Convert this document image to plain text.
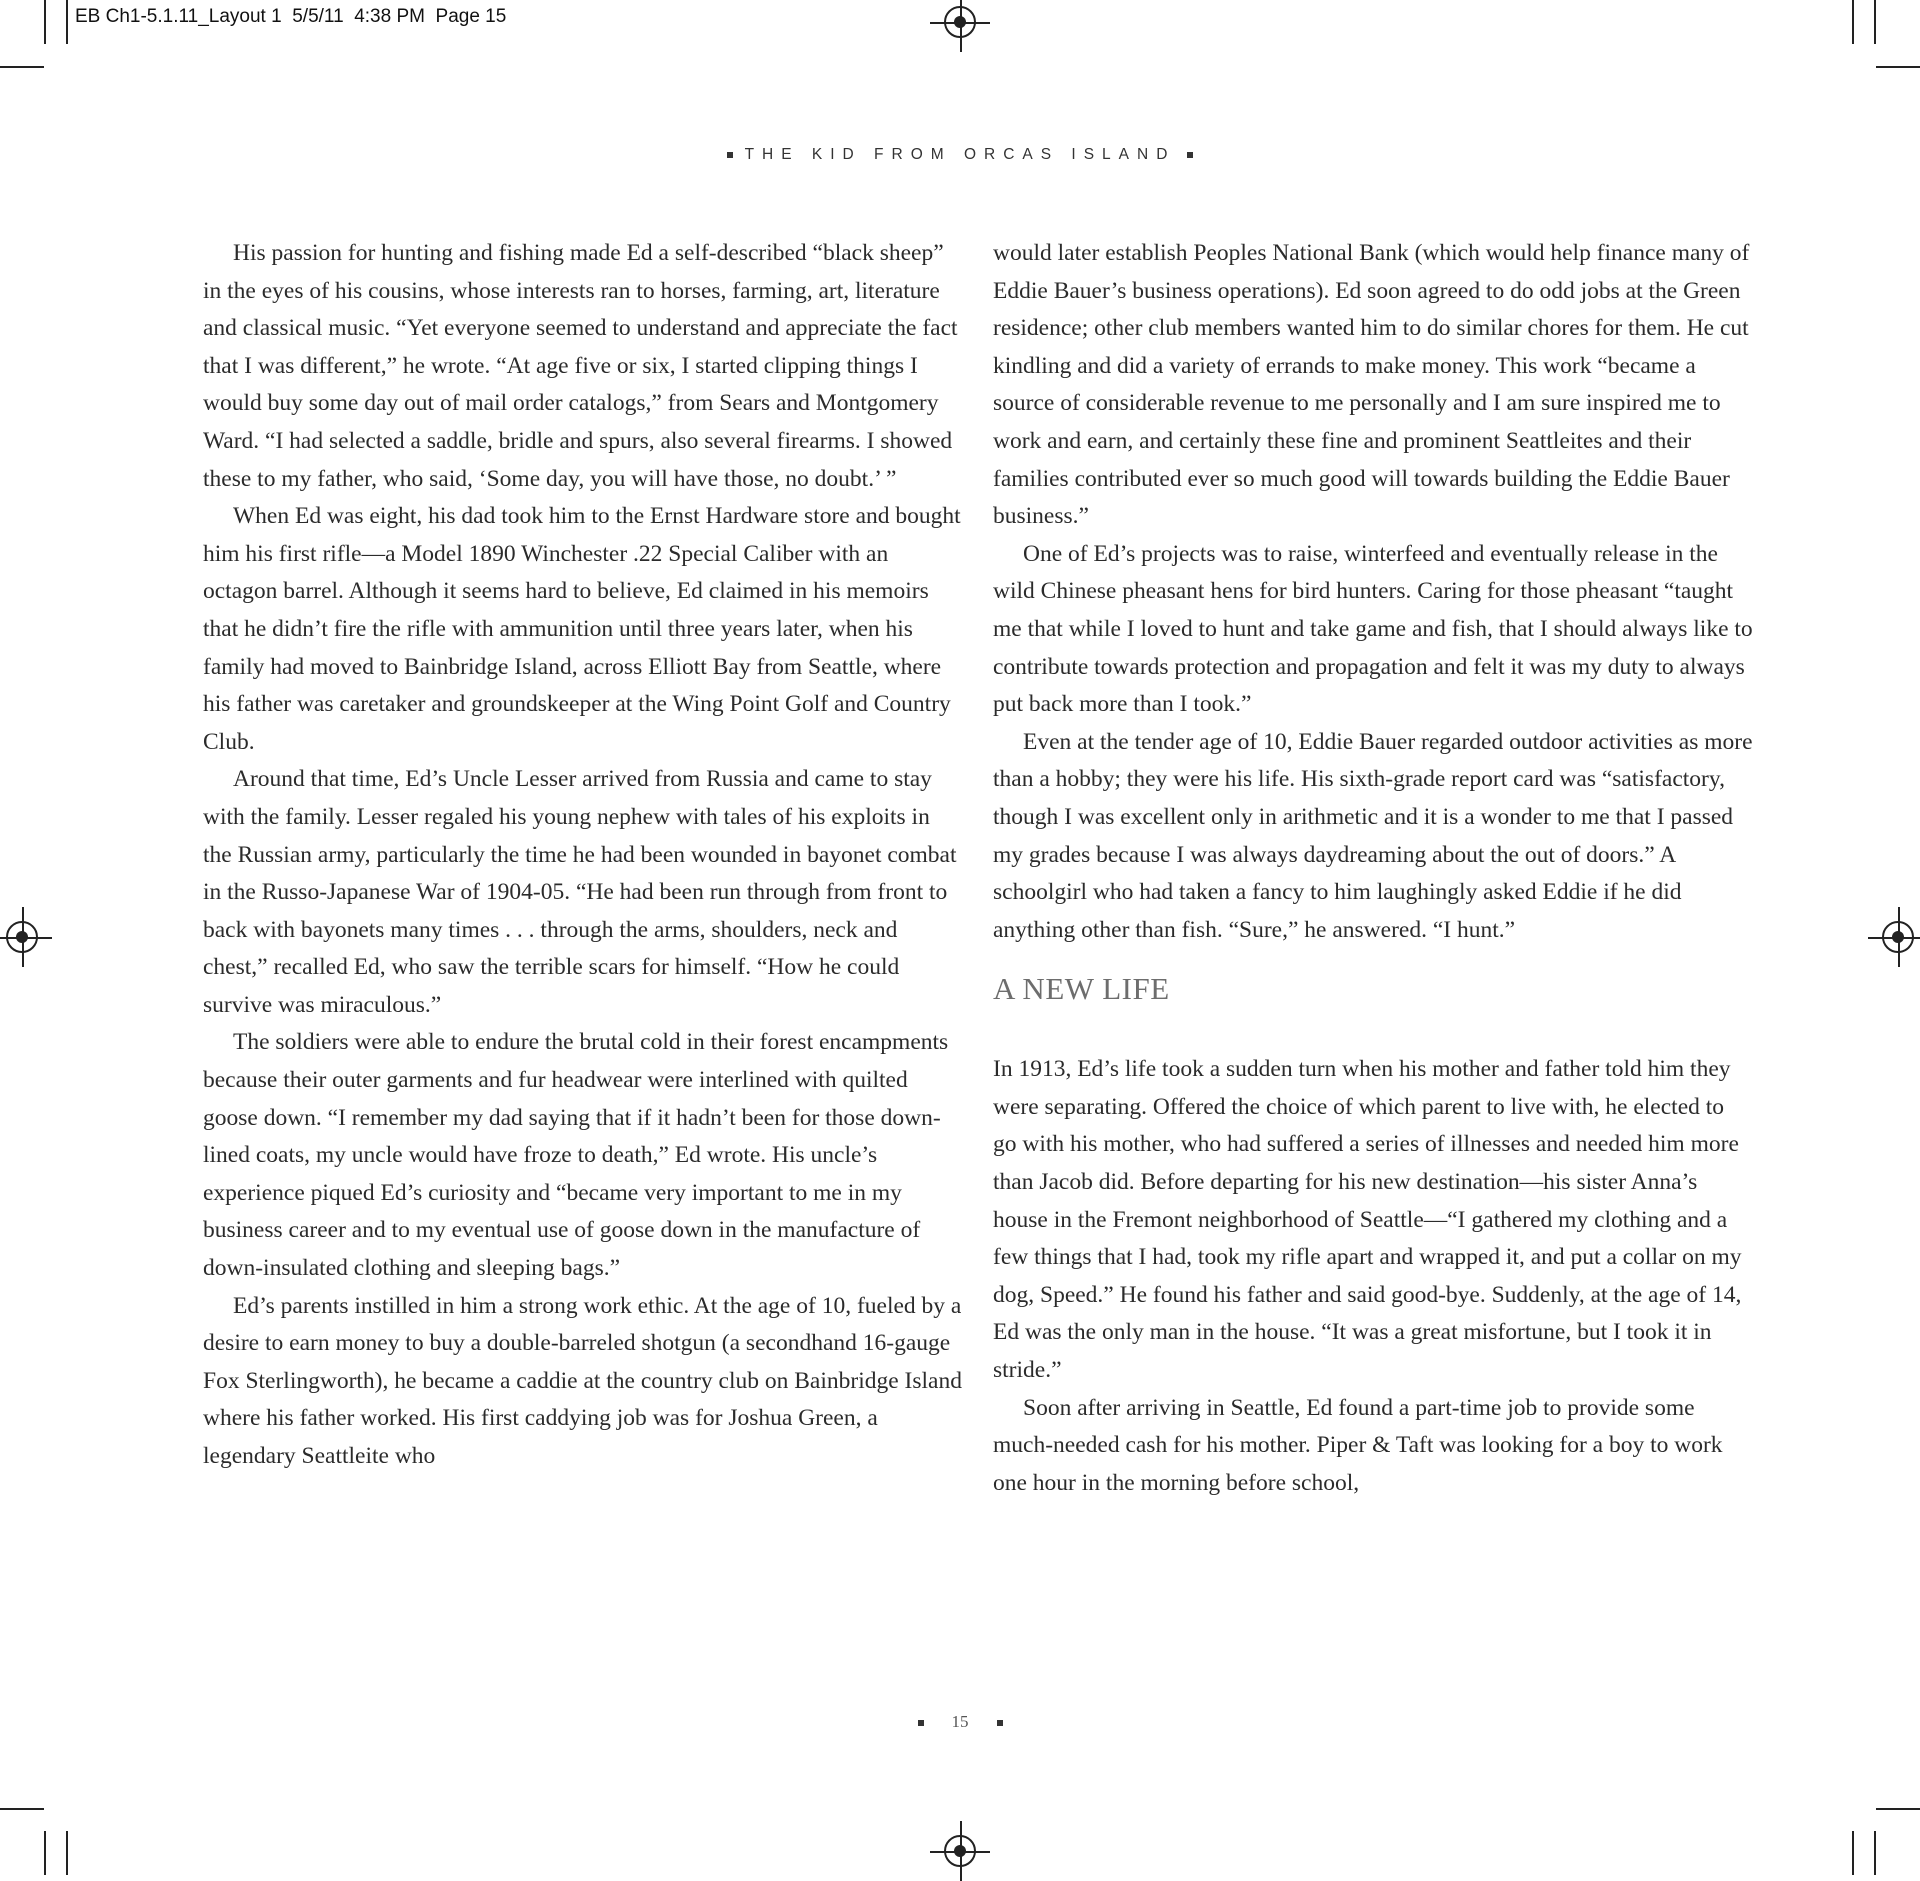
EB Ch1-5.1.11_Layout 1  5/5/11  4:38 PM  Page 15
THE KID FROM ORCAS ISLAND

His passion for hunting and fishing made Ed a self-described “black sheep” in the eyes of his cousins, whose interests ran to horses, farming, art, literature and classical music. “Yet everyone seemed to understand and appreciate the fact that I was different,” he wrote. “At age five or six, I started clipping things I would buy some day out of mail order catalogs,” from Sears and Montgomery Ward. “I had selected a saddle, bridle and spurs, also several firearms. I showed these to my father, who said, ‘Some day, you will have those, no doubt.’ ”

When Ed was eight, his dad took him to the Ernst Hardware store and bought him his first rifle—a Model 1890 Winchester .22 Special Caliber with an octagon barrel. Although it seems hard to believe, Ed claimed in his memoirs that he didn’t fire the rifle with ammunition until three years later, when his family had moved to Bainbridge Island, across Elliott Bay from Seattle, where his father was caretaker and groundskeeper at the Wing Point Golf and Country Club.

Around that time, Ed’s Uncle Lesser arrived from Russia and came to stay with the family. Lesser regaled his young nephew with tales of his exploits in the Russian army, particularly the time he had been wounded in bayonet combat in the Russo-Japanese War of 1904-05. “He had been run through from front to back with bayonets many times . . . through the arms, shoulders, neck and chest,” recalled Ed, who saw the terrible scars for himself. “How he could survive was miraculous.”

The soldiers were able to endure the brutal cold in their forest encampments because their outer garments and fur headwear were interlined with quilted goose down. “I remember my dad saying that if it hadn’t been for those down-lined coats, my uncle would have froze to death,” Ed wrote. His uncle’s experience piqued Ed’s curiosity and “became very important to me in my business career and to my eventual use of goose down in the manufacture of down-insulated clothing and sleeping bags.”

Ed’s parents instilled in him a strong work ethic. At the age of 10, fueled by a desire to earn money to buy a double-barreled shotgun (a secondhand 16-gauge Fox Sterlingworth), he became a caddie at the country club on Bainbridge Island where his father worked. His first caddying job was for Joshua Green, a legendary Seattleite who

would later establish Peoples National Bank (which would help finance many of Eddie Bauer’s business operations). Ed soon agreed to do odd jobs at the Green residence; other club members wanted him to do similar chores for them. He cut kindling and did a variety of errands to make money. This work “became a source of considerable revenue to me personally and I am sure inspired me to work and earn, and certainly these fine and prominent Seattleites and their families contributed ever so much good will towards building the Eddie Bauer business.”

One of Ed’s projects was to raise, winterfeed and eventually release in the wild Chinese pheasant hens for bird hunters. Caring for those pheasant “taught me that while I loved to hunt and take game and fish, that I should always like to contribute towards protection and propagation and felt it was my duty to always put back more than I took.”

Even at the tender age of 10, Eddie Bauer regarded outdoor activities as more than a hobby; they were his life. His sixth-grade report card was “satisfactory, though I was excellent only in arithmetic and it is a wonder to me that I passed my grades because I was always daydreaming about the out of doors.” A schoolgirl who had taken a fancy to him laughingly asked Eddie if he did anything other than fish. “Sure,” he answered. “I hunt.”

A NEW LIFE

In 1913, Ed’s life took a sudden turn when his mother and father told him they were separating. Offered the choice of which parent to live with, he elected to go with his mother, who had suffered a series of illnesses and needed him more than Jacob did. Before departing for his new destination—his sister Anna’s house in the Fremont neighborhood of Seattle—“I gathered my clothing and a few things that I had, took my rifle apart and wrapped it, and put a collar on my dog, Speed.” He found his father and said good-bye. Suddenly, at the age of 14, Ed was the only man in the house. “It was a great misfortune, but I took it in stride.”

Soon after arriving in Seattle, Ed found a part-time job to provide some much-needed cash for his mother. Piper & Taft was looking for a boy to work one hour in the morning before school,

15
